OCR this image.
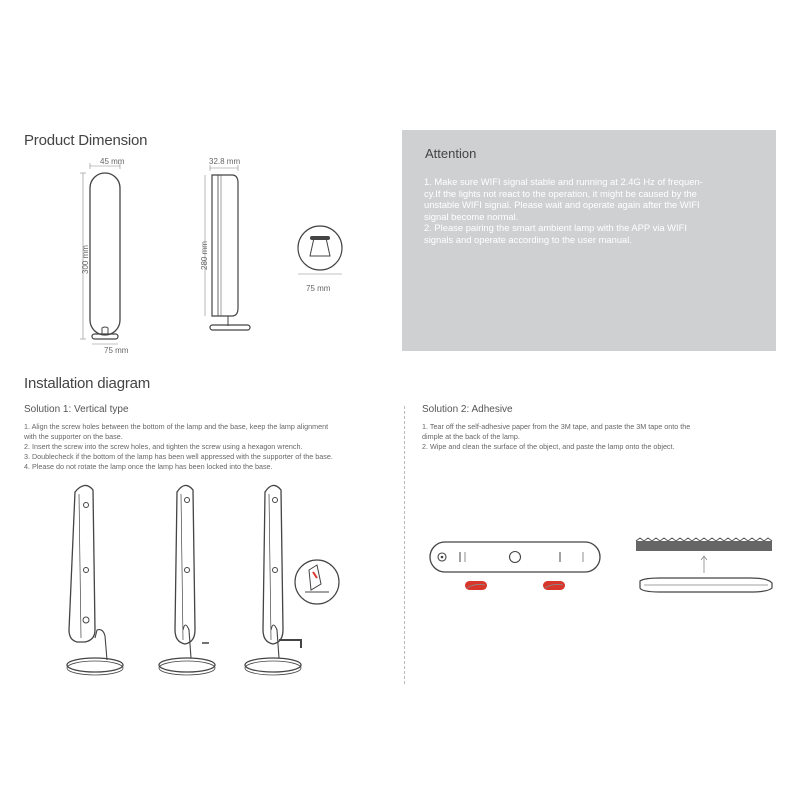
Product Dimension
45 mm
300 mm
75 mm
32.8 mm
280 mm
75 mm
Attention

1. Make sure WIFI signal stable and running at 2.4G Hz of frequen-

cy.If the lights not react to the operation, it might be caused by the

unstable WIFI signal. Please wait and operate again after the WIFI

signal become normal.

2. Please pairing the smart ambient lamp with the APP via WIFI

signals and operate according to the user manual.

Installation diagram
Solution 1: Vertical type
1. Align the screw holes between the bottom of the lamp and the base, keep the lamp alignment
with the supporter on the base.
2. Insert the screw into the screw holes, and tighten the screw using a hexagon wrench.
3. Doublecheck if the bottom of the lamp has been well appressed with the supporter of the base.
4. Please do not rotate the lamp once the lamp has been locked into the base.
Solution 2: Adhesive
1. Tear off the self-adhesive paper from the 3M tape, and paste the 3M tape onto the
dimple at the back of the lamp.
2. Wipe and clean the surface of the object, and paste the lamp onto the object.
